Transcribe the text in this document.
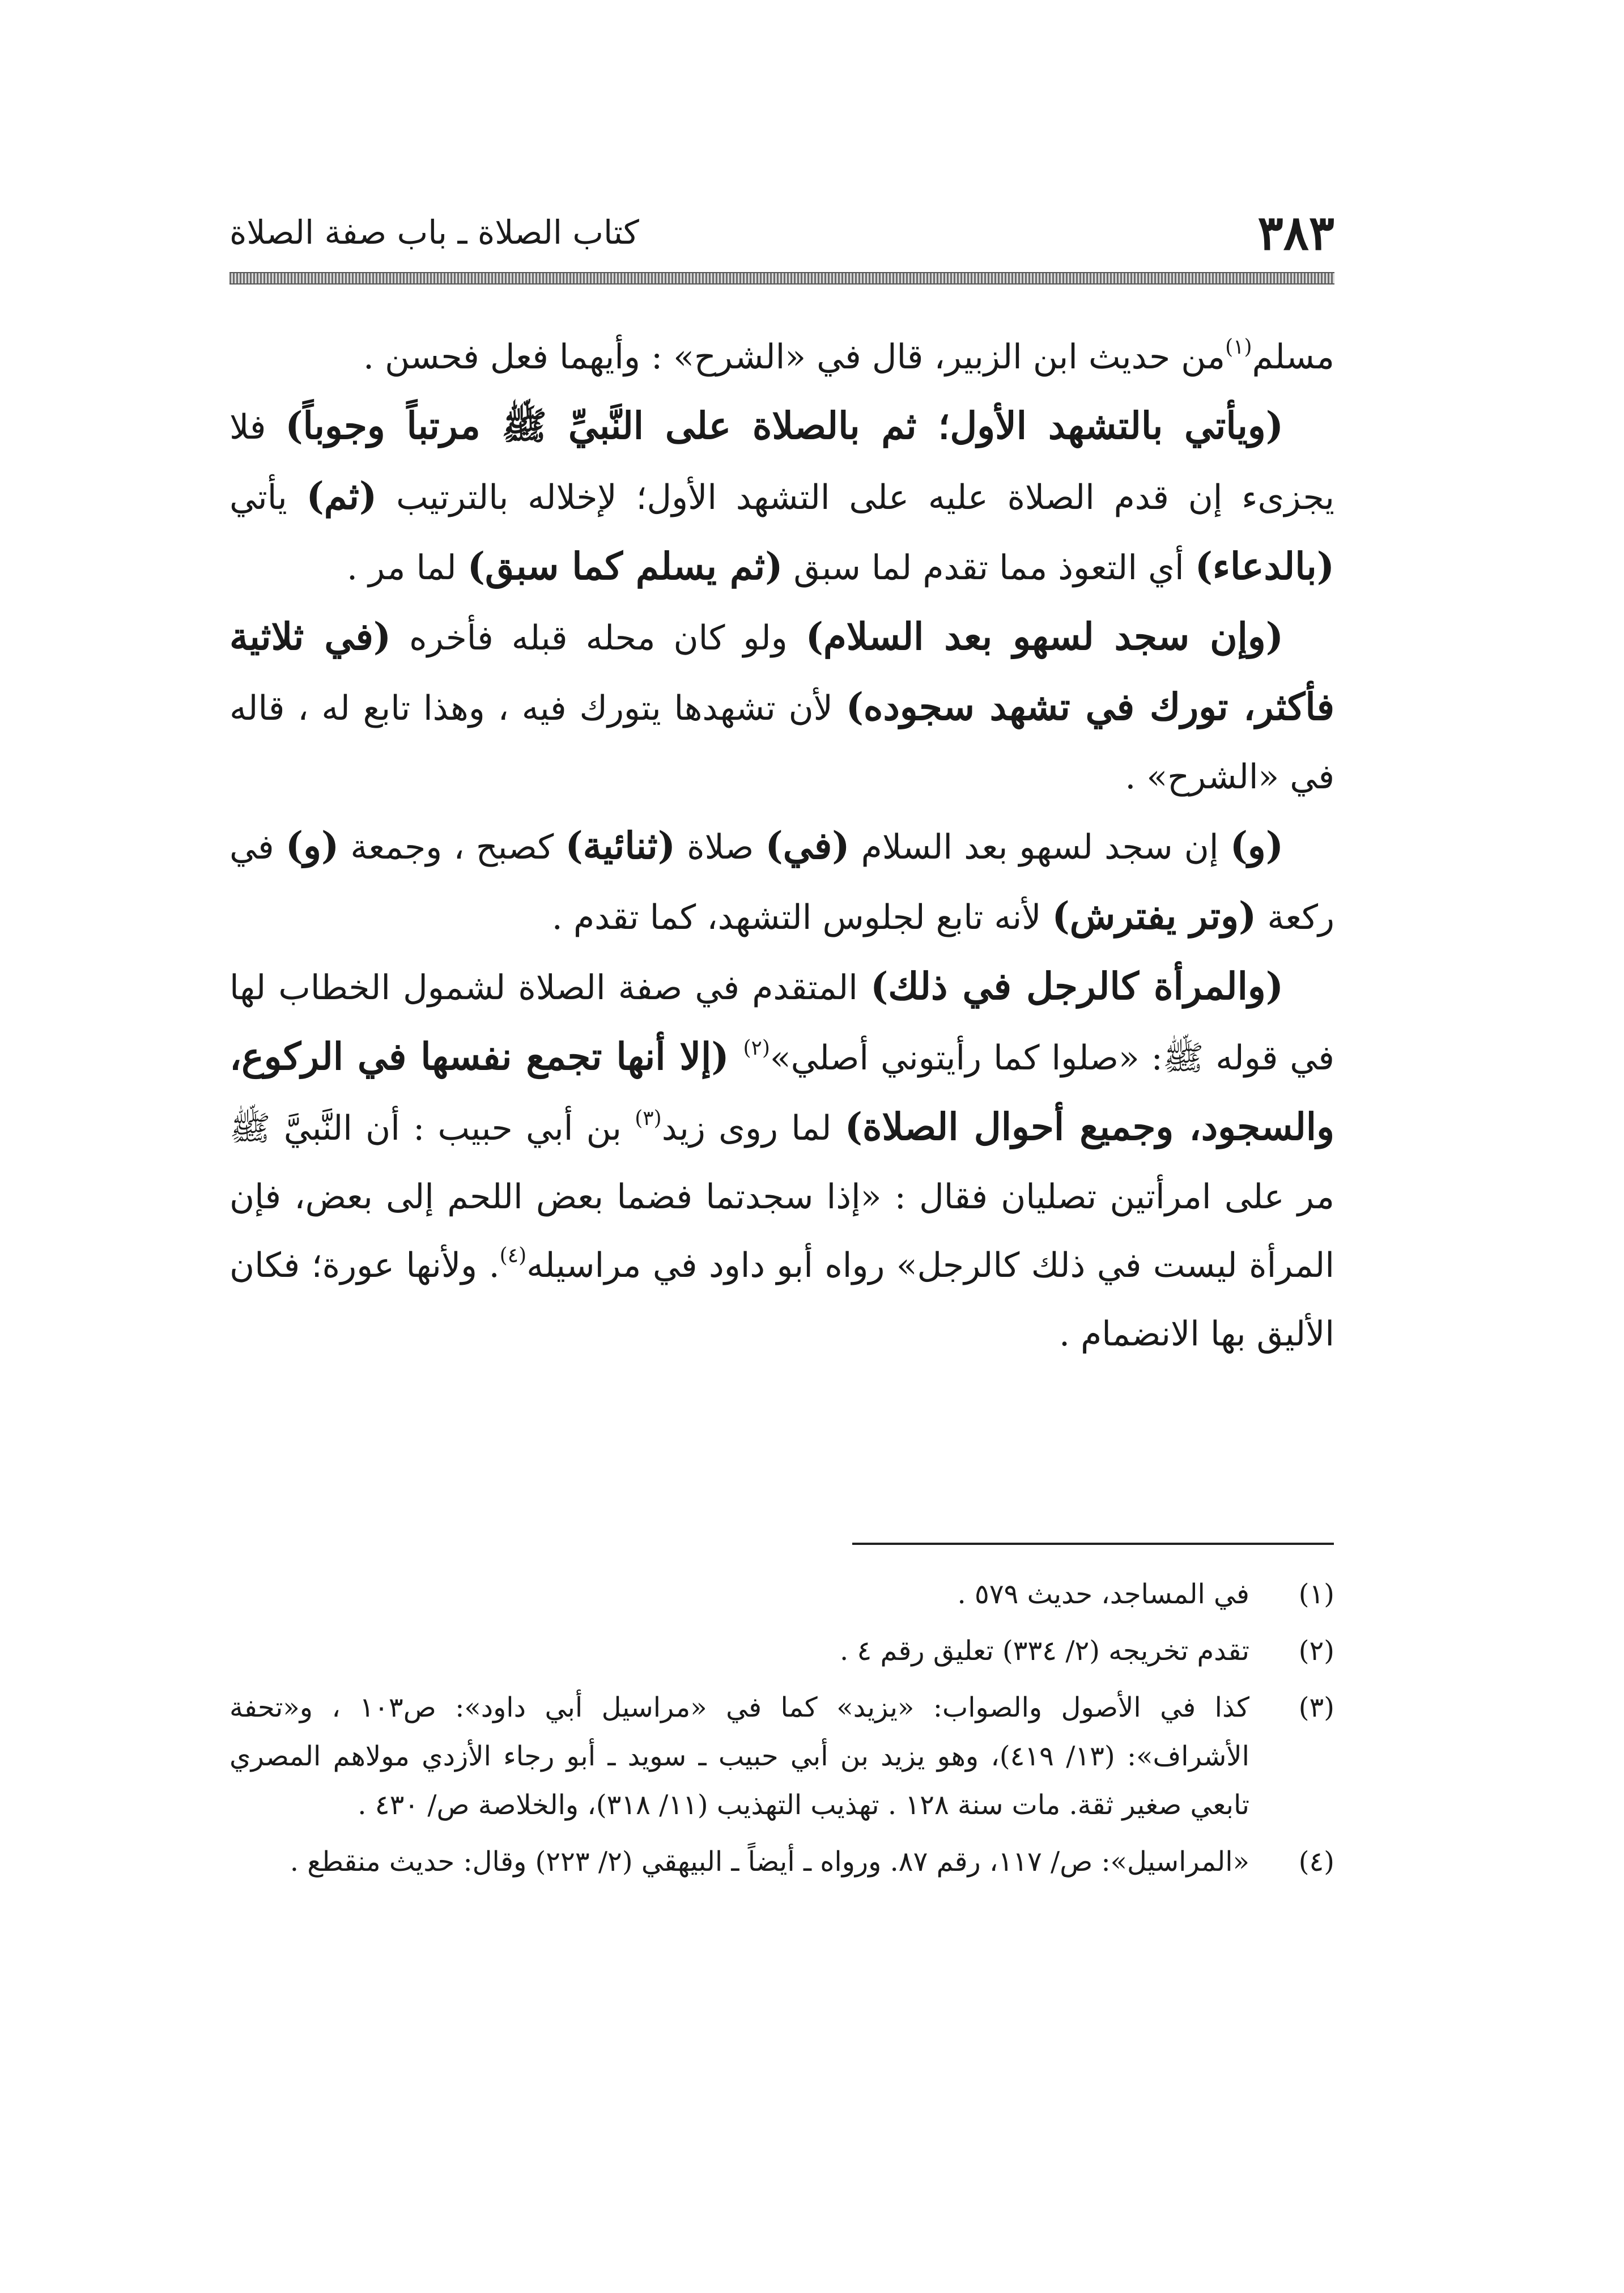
٣٨٣
كتاب الصلاة ـ باب صفة الصلاة

مسلم$^{(١)}$من حديث ابن الزبير، قال في «الشرح» : وأيهما فعل فحسن .

(ويأتي بالتشهد الأول؛ ثم بالصلاة على النَّبيِّ ﷺ مرتباً وجوباً) فلا يجزىء إن قدم الصلاة عليه على التشهد الأول؛ لإخلاله بالترتيب (ثم) يأتي (بالدعاء) أي التعوذ مما تقدم لما سبق (ثم يسلم كما سبق) لما مر .

(وإن سجد لسهو بعد السلام) ولو كان محله قبله فأخره (في ثلاثية فأكثر، تورك في تشهد سجوده) لأن تشهدها يتورك فيه ، وهذا تابع له ، قاله في «الشرح» .

(و) إن سجد لسهو بعد السلام (في) صلاة (ثنائية) كصبح ، وجمعة (و) في ركعة (وتر يفترش) لأنه تابع لجلوس التشهد، كما تقدم .

(والمرأة كالرجل في ذلك) المتقدم في صفة الصلاة لشمول الخطاب لها في قوله ﷺ: «صلوا كما رأيتوني أصلي»$^{(٢)}$ (إلا أنها تجمع نفسها في الركوع، والسجود، وجميع أحوال الصلاة) لما روى زيد$^{(٣)}$ بن أبي حبيب : أن النَّبيَّ ﷺ مر على امرأتين تصليان فقال : «إذا سجدتما فضما بعض اللحم إلى بعض، فإن المرأة ليست في ذلك كالرجل» رواه أبو داود في مراسيله$^{(٤)}$. ولأنها عورة؛ فكان الأليق بها الانضمام .

(١)
في المساجد، حديث ٥٧٩ .
(٢)
تقدم تخريجه (٢/ ٣٣٤) تعليق رقم ٤ .
(٣)
كذا في الأصول والصواب: «يزيد» كما في «مراسيل أبي داود»: ص١٠٣ ، و«تحفة الأشراف»: (١٣/ ٤١٩)، وهو يزيد بن أبي حبيب ـ سويد ـ أبو رجاء الأزدي مولاهم المصري تابعي صغير ثقة. مات سنة ١٢٨ . تهذيب التهذيب (١١/ ٣١٨)، والخلاصة ص/ ٤٣٠ .
(٤)
«المراسيل»: ص/ ١١٧، رقم ٨٧. ورواه ـ أيضاً ـ البيهقي (٢/ ٢٢٣) وقال: حديث منقطع .
